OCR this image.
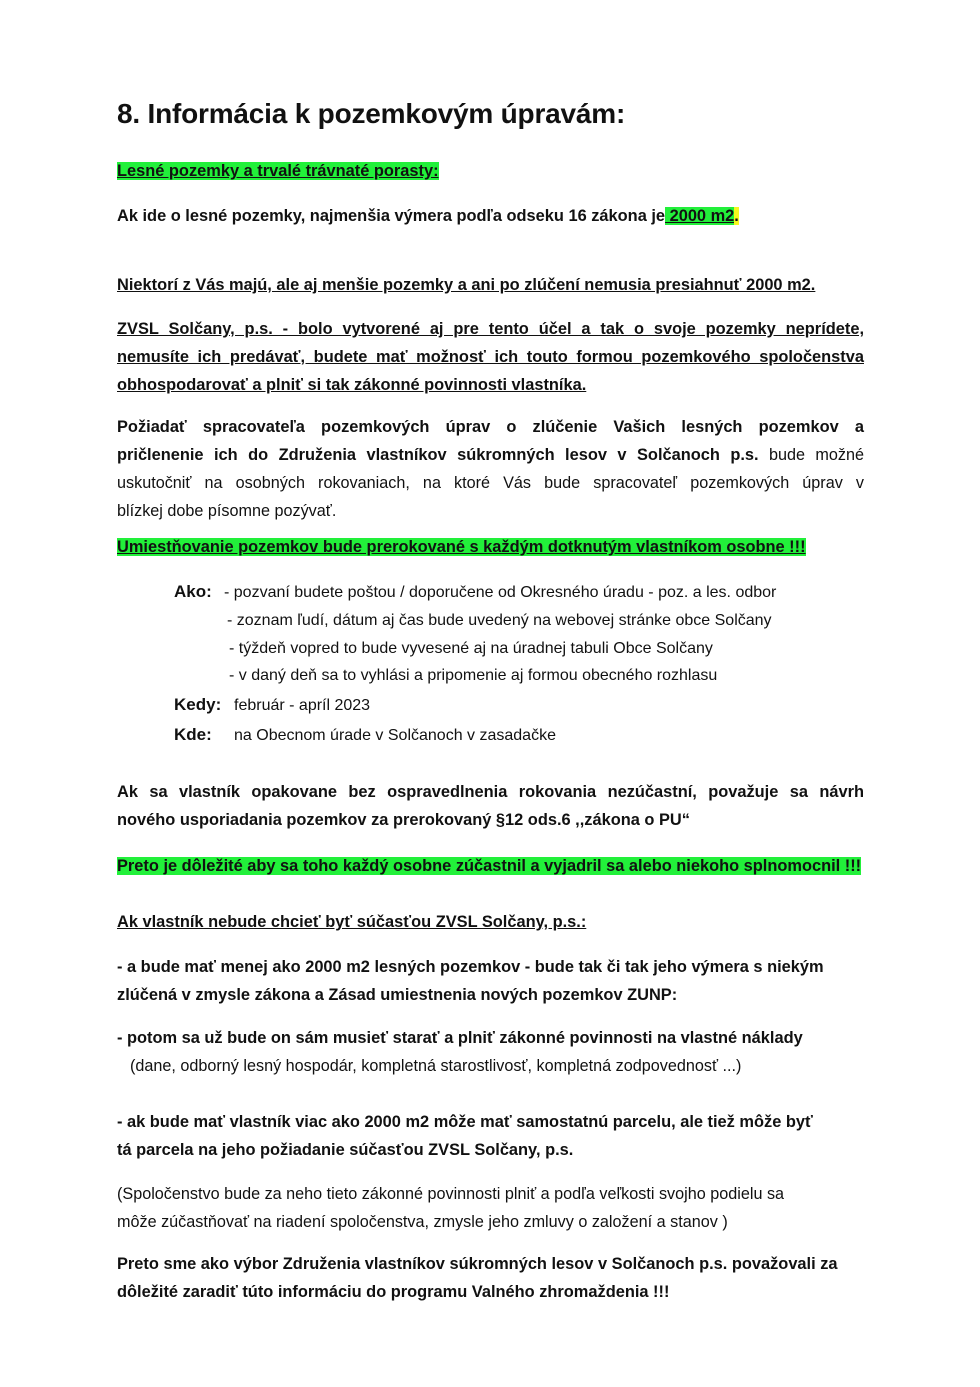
8. Informácia k pozemkovým úpravám:
Lesné pozemky a trvalé trávnaté porasty:
Ak ide o lesné pozemky, najmenšia výmera podľa odseku 16 zákona je 2000 m2.
Niektorí z Vás majú, ale aj menšie pozemky a ani po zlúčení nemusia presiahnuť 2000 m2.
ZVSL Solčany, p.s. - bolo vytvorené aj pre tento účel a tak o svoje pozemky neprídete,
nemusíte ich predávať, budete mať možnosť ich touto formou pozemkového spoločenstva
obhospodarovať a plniť si tak zákonné povinnosti vlastníka.
Požiadať spracovateľa pozemkových úprav o zlúčenie Vašich lesných pozemkov a
pričlenenie ich do Združenia vlastníkov súkromných lesov v Solčanoch p.s. bude možné
uskutočniť na osobných rokovaniach, na ktoré Vás bude spracovateľ pozemkových úprav v
blízkej dobe písomne pozývať.
Umiestňovanie pozemkov bude prerokované s každým dotknutým vlastníkom osobne !!!
Ako: - pozvaní budete poštou / doporučene od Okresného úradu - poz. a les. odbor
- zoznam ľudí, dátum aj čas bude uvedený na webovej stránke obce Solčany
- týždeň vopred to bude vyvesené aj na úradnej tabuli Obce Solčany
- v daný deň sa to vyhlási a pripomenie aj formou obecného rozhlasu
Kedy: február - apríl 2023
Kde: na Obecnom úrade v Solčanoch v zasadačke
Ak sa vlastník opakovane bez ospravedlnenia rokovania nezúčastní, považuje sa návrh
nového usporiadania pozemkov za prerokovaný §12 ods.6 ,,zákona o PU“
Preto je dôležité aby sa toho každý osobne zúčastnil a vyjadril sa alebo niekoho splnomocnil !!!
Ak vlastník nebude chcieť byť súčasťou ZVSL Solčany, p.s.:
- a bude mať menej ako 2000 m2 lesných pozemkov - bude tak či tak jeho výmera s niekým
zlúčená v zmysle zákona a Zásad umiestnenia nových pozemkov ZUNP:
- potom sa už bude on sám musieť starať a plniť zákonné povinnosti na vlastné náklady
(dane, odborný lesný hospodár, kompletná starostlivosť, kompletná zodpovednosť ...)
- ak bude mať vlastník viac ako 2000 m2 môže mať samostatnú parcelu, ale tiež môže byť
tá parcela na jeho požiadanie súčasťou ZVSL Solčany, p.s.
(Spoločenstvo bude za neho tieto zákonné povinnosti plniť a podľa veľkosti svojho podielu sa
môže zúčastňovať na riadení spoločenstva, zmysle jeho zmluvy o založení a stanov )
Preto sme ako výbor Združenia vlastníkov súkromných lesov v Solčanoch p.s. považovali za
dôležité zaradiť túto informáciu do programu Valného zhromaždenia !!!
